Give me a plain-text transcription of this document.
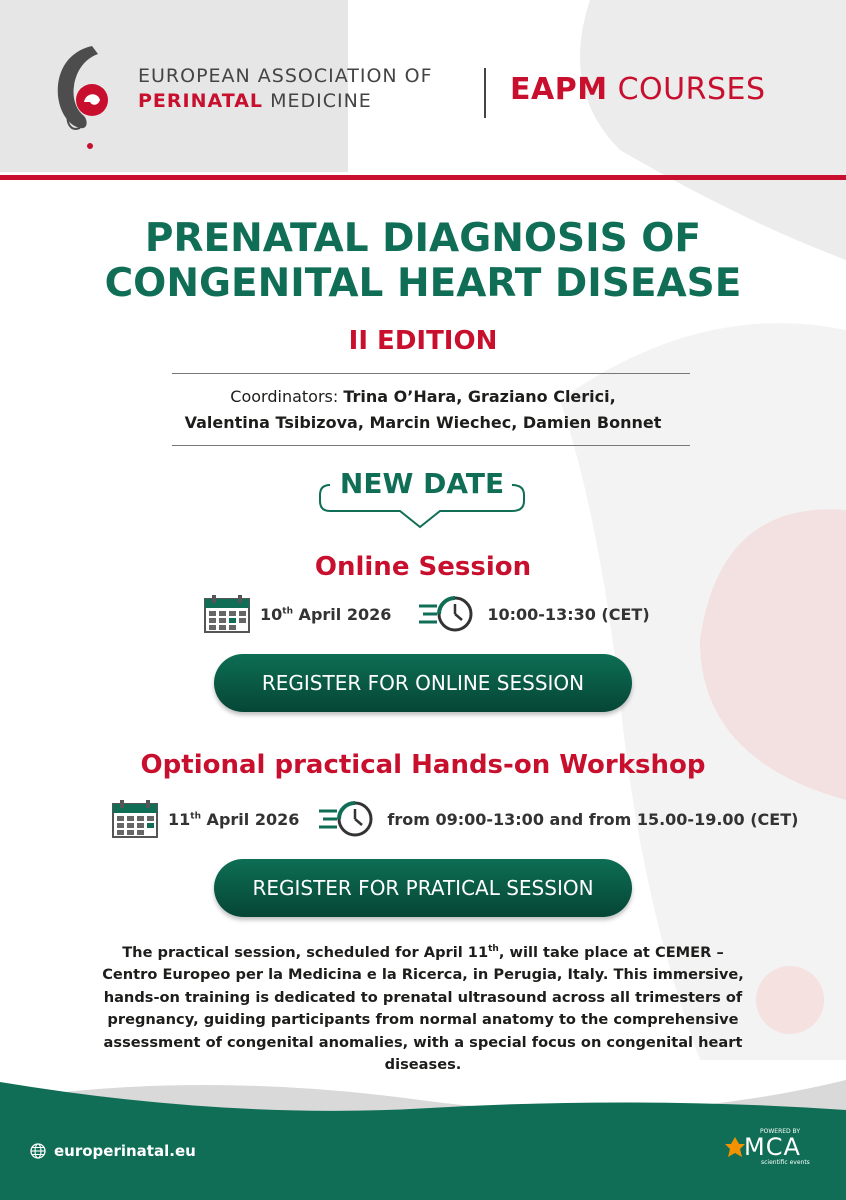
EUROPEAN ASSOCIATION OF
PERINATAL MEDICINE	EAPM COURSES
PRENATAL DIAGNOSIS OF
CONGENITAL HEART DISEASE
II EDITION
Coordinators: Trina O’Hara, Graziano Clerici,
Valentina Tsibizova, Marcin Wiechec, Damien Bonnet
NEW DATE
Online Session
10th April 2026	10:00-13:30 (CET)
REGISTER FOR ONLINE SESSION
Optional practical Hands-on Workshop
11th April 2026	from 09:00-13:00 and from 15.00-19.00 (CET)
REGISTER FOR PRATICAL SESSION
The practical session, scheduled for April 11th, will take place at CEMER – Centro Europeo per la Medicina e la Ricerca, in Perugia, Italy. This immersive, hands-on training is dedicated to prenatal ultrasound across all trimesters of pregnancy, guiding participants from normal anatomy to the comprehensive assessment of congenital anomalies, with a special focus on congenital heart diseases.
europerinatal.eu
POWERED BY
MCA
scientific events
